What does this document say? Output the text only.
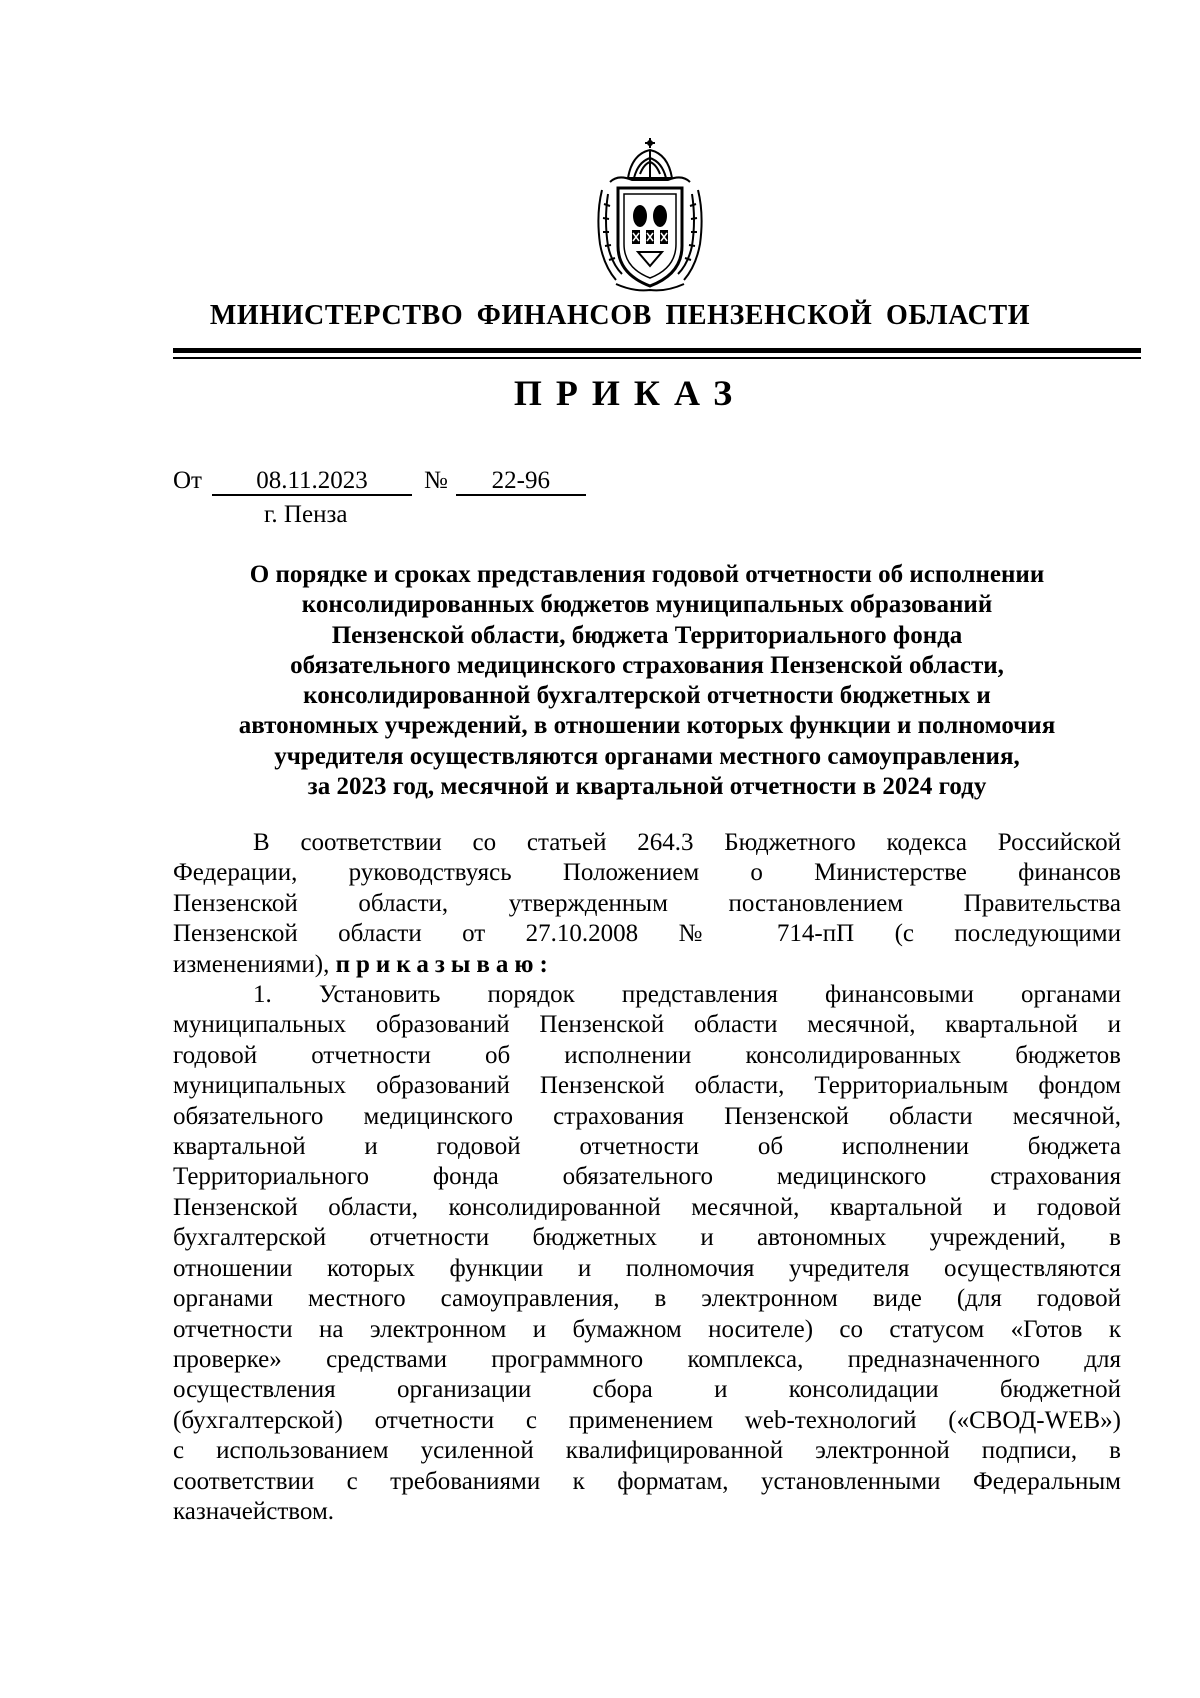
МИНИСТЕРСТВО ФИНАНСОВ ПЕНЗЕНСКОЙ ОБЛАСТИ
ПРИКАЗ
От 08.11.2023 № 22-96
г. Пенза
О порядке и сроках представления годовой отчетности об исполнении
консолидированных бюджетов муниципальных образований
Пензенской области, бюджета Территориального фонда
обязательного медицинского страхования Пензенской области,
консолидированной бухгалтерской отчетности бюджетных и
автономных учреждений, в отношении которых функции и полномочия
учредителя осуществляются органами местного самоуправления,
за 2023 год, месячной и квартальной отчетности в 2024 году
В соответствии со статьей 264.3 Бюджетного кодекса Российской
Федерации, руководствуясь Положением о Министерстве финансов
Пензенской области, утвержденным постановлением Правительства
Пензенской области от 27.10.2008 № 714-пП (с последующими
изменениями), приказываю:
1. Установить порядок представления финансовыми органами
муниципальных образований Пензенской области месячной, квартальной и
годовой отчетности об исполнении консолидированных бюджетов
муниципальных образований Пензенской области, Территориальным фондом
обязательного медицинского страхования Пензенской области месячной,
квартальной и годовой отчетности об исполнении бюджета
Территориального фонда обязательного медицинского страхования
Пензенской области, консолидированной месячной, квартальной и годовой
бухгалтерской отчетности бюджетных и автономных учреждений, в
отношении которых функции и полномочия учредителя осуществляются
органами местного самоуправления, в электронном виде (для годовой
отчетности на электронном и бумажном носителе) со статусом «Готов к
проверке» средствами программного комплекса, предназначенного для
осуществления организации сбора и консолидации бюджетной
(бухгалтерской) отчетности с применением web-технологий («СВОД-WEB»)
с использованием усиленной квалифицированной электронной подписи, в
соответствии с требованиями к форматам, установленными Федеральным
казначейством.
